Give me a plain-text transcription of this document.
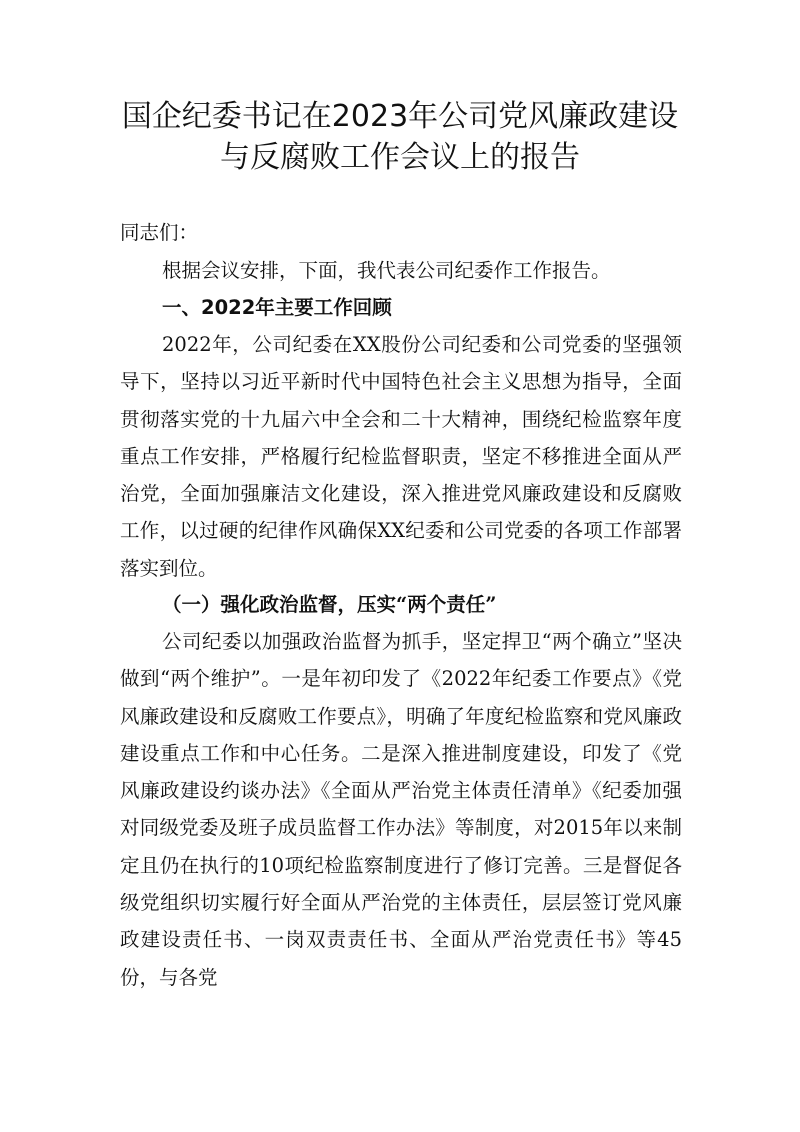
国企纪委书记在2023年公司党风廉政建设
与反腐败工作会议上的报告

同志们：

根据会议安排，下面，我代表公司纪委作工作报告。

一、2022年主要工作回顾

2022年，公司纪委在XX股份公司纪委和公司党委的坚强领导下，坚持以习近平新时代中国特色社会主义思想为指导，全面贯彻落实党的十九届六中全会和二十大精神，围绕纪检监察年度重点工作安排，严格履行纪检监督职责，坚定不移推进全面从严治党，全面加强廉洁文化建设，深入推进党风廉政建设和反腐败工作，以过硬的纪律作风确保XX纪委和公司党委的各项工作部署落实到位。

（一）强化政治监督，压实“两个责任”

公司纪委以加强政治监督为抓手，坚定捍卫“两个确立”坚决做到“两个维护”。一是年初印发了《2022年纪委工作要点》《党风廉政建设和反腐败工作要点》，明确了年度纪检监察和党风廉政建设重点工作和中心任务。二是深入推进制度建设，印发了《党风廉政建设约谈办法》《全面从严治党主体责任清单》《纪委加强对同级党委及班子成员监督工作办法》等制度，对2015年以来制定且仍在执行的10项纪检监察制度进行了修订完善。三是督促各级党组织切实履行好全面从严治党的主体责任，层层签订党风廉政建设责任书、一岗双责责任书、全面从严治党责任书》等45份，与各党
